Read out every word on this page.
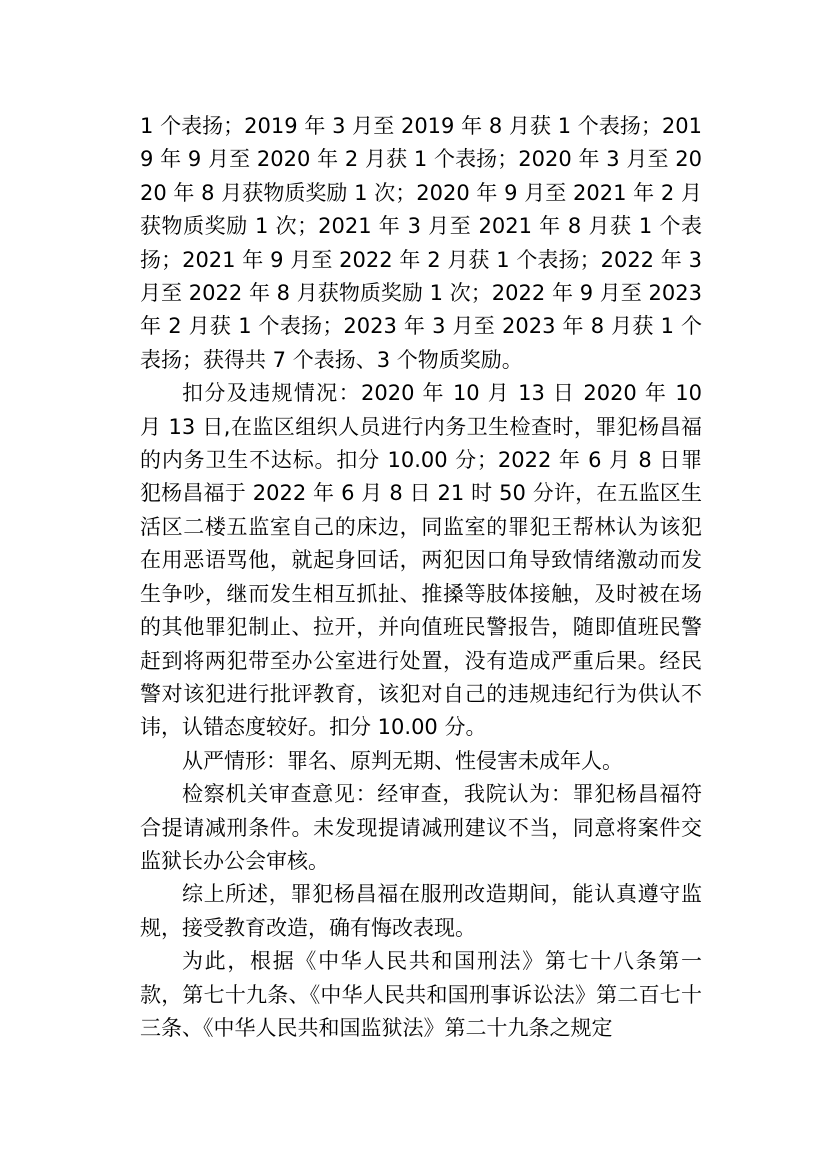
1 个表扬；2019 年 3 月至 2019 年 8 月获 1 个表扬；2019 年 9 月至 2020 年 2 月获 1 个表扬；2020 年 3 月至 2020 年 8 月获物质奖励 1 次；2020 年 9 月至 2021 年 2 月获物质奖励 1 次；2021 年 3 月至 2021 年 8 月获 1 个表扬；2021 年 9 月至 2022 年 2 月获 1 个表扬；2022 年 3 月至 2022 年 8 月获物质奖励 1 次；2022 年 9 月至 2023 年 2 月获 1 个表扬；2023 年 3 月至 2023 年 8 月获 1 个表扬；获得共 7 个表扬、3 个物质奖励。

扣分及违规情况：2020 年 10 月 13 日 2020 年 10 月 13 日,在监区组织人员进行内务卫生检查时，罪犯杨昌福的内务卫生不达标。扣分 10.00 分；2022 年 6 月 8 日罪犯杨昌福于 2022 年 6 月 8 日 21 时 50 分许，在五监区生活区二楼五监室自己的床边，同监室的罪犯王帮林认为该犯在用恶语骂他，就起身回话，两犯因口角导致情绪激动而发生争吵，继而发生相互抓扯、推搡等肢体接触，及时被在场的其他罪犯制止、拉开，并向值班民警报告，随即值班民警赶到将两犯带至办公室进行处置，没有造成严重后果。经民警对该犯进行批评教育，该犯对自己的违规违纪行为供认不讳，认错态度较好。扣分 10.00 分。

从严情形：罪名、原判无期、性侵害未成年人。

检察机关审查意见：经审查，我院认为：罪犯杨昌福符合提请减刑条件。未发现提请减刑建议不当，同意将案件交监狱长办公会审核。

综上所述，罪犯杨昌福在服刑改造期间，能认真遵守监规，接受教育改造，确有悔改表现。

为此，根据《中华人民共和国刑法》第七十八条第一款，第七十九条、《中华人民共和国刑事诉讼法》第二百七十三条、《中华人民共和国监狱法》第二十九条之规定
